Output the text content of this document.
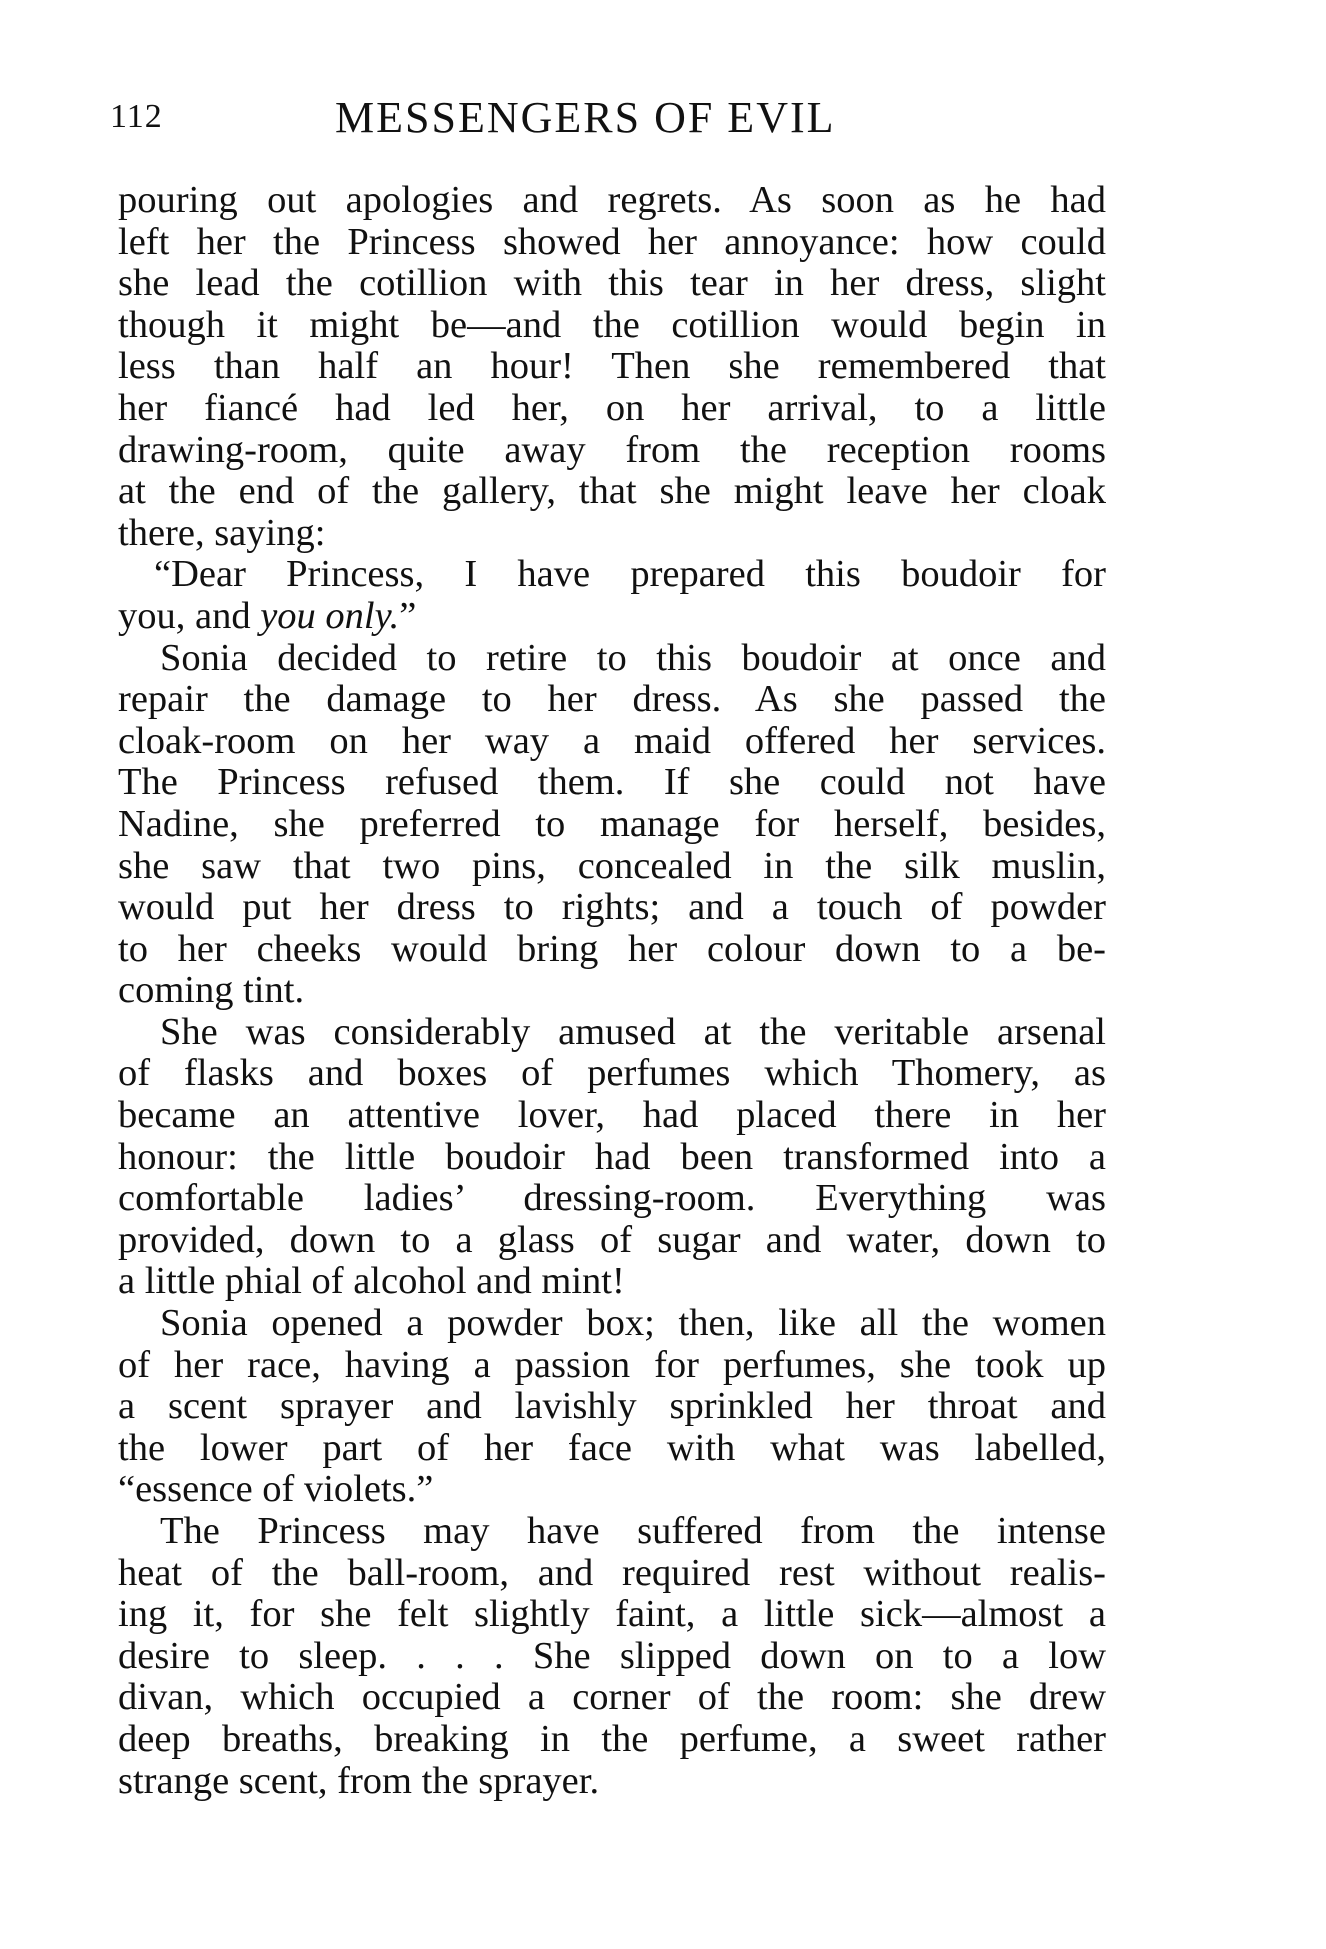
112	MESSENGERS OF EVIL
pouring out apologies and regrets. As soon as he had
left her the Princess showed her annoyance: how could
she lead the cotillion with this tear in her dress, slight
though it might be—and the cotillion would begin in
less than half an hour! Then she remembered that
her fiancé had led her, on her arrival, to a little
drawing-room, quite away from the reception rooms
at the end of the gallery, that she might leave her cloak
there, saying:
“Dear Princess, I have prepared this boudoir for
you, and you only.”
Sonia decided to retire to this boudoir at once and
repair the damage to her dress. As she passed the
cloak-room on her way a maid offered her services.
The Princess refused them. If she could not have
Nadine, she preferred to manage for herself, besides,
she saw that two pins, concealed in the silk muslin,
would put her dress to rights; and a touch of powder
to her cheeks would bring her colour down to a be-
coming tint.
She was considerably amused at the veritable arsenal
of flasks and boxes of perfumes which Thomery, as
became an attentive lover, had placed there in her
honour: the little boudoir had been transformed into a
comfortable ladies’ dressing-room. Everything was
provided, down to a glass of sugar and water, down to
a little phial of alcohol and mint!
Sonia opened a powder box; then, like all the women
of her race, having a passion for perfumes, she took up
a scent sprayer and lavishly sprinkled her throat and
the lower part of her face with what was labelled,
“essence of violets.”
The Princess may have suffered from the intense
heat of the ball-room, and required rest without realis-
ing it, for she felt slightly faint, a little sick—almost a
desire to sleep. . . . She slipped down on to a low
divan, which occupied a corner of the room: she drew
deep breaths, breaking in the perfume, a sweet rather
strange scent, from the sprayer.
